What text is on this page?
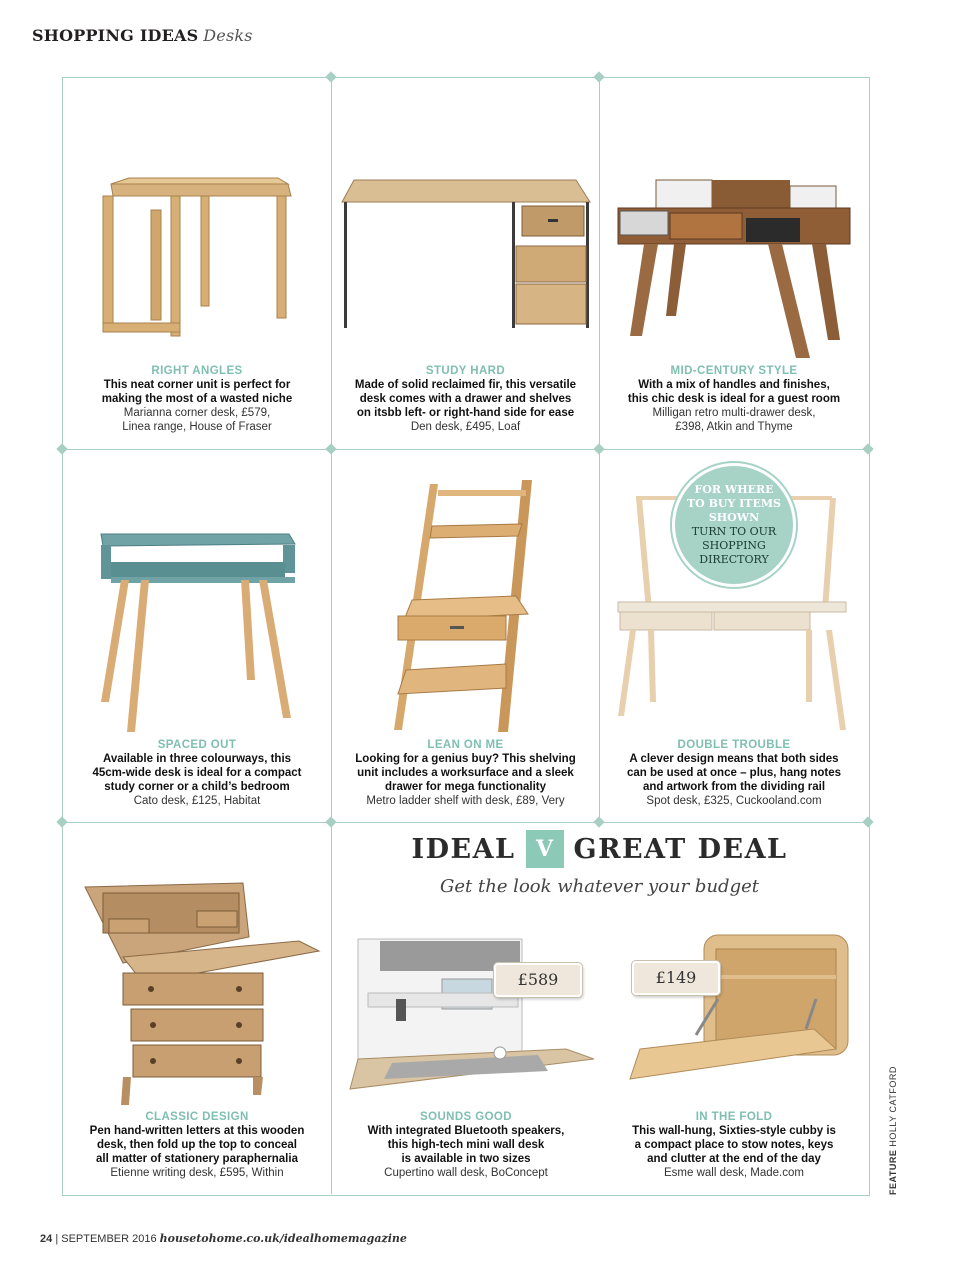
SHOPPING IDEAS Desks
RIGHT ANGLES
This neat corner unit is perfect for
making the most of a wasted niche
Marianna corner desk, £579,
Linea range, House of Fraser
STUDY HARD
Made of solid reclaimed fir, this versatile
desk comes with a drawer and shelves
on itsbb left- or right-hand side for ease
Den desk, £495, Loaf
MID-CENTURY STYLE
With a mix of handles and finishes,
this chic desk is ideal for a guest room
Milligan retro multi-drawer desk,
£398, Atkin and Thyme
SPACED OUT
Available in three colourways, this
45cm-wide desk is ideal for a compact
study corner or a child’s bedroom
Cato desk, £125, Habitat
LEAN ON ME
Looking for a genius buy? This shelving
unit includes a worksurface and a sleek
drawer for mega functionality
Metro ladder shelf with desk, £89, Very
DOUBLE TROUBLE
A clever design means that both sides
can be used at once – plus, hang notes
and artwork from the dividing rail
Spot desk, £325, Cuckooland.com
FOR WHERE
TO BUY ITEMS
SHOWN
TURN TO OUR
SHOPPING
DIRECTORY
CLASSIC DESIGN
Pen hand-written letters at this wooden
desk, then fold up the top to conceal
all matter of stationery paraphernalia
Etienne writing desk, £595, Within
IDEAL V GREAT DEAL
Get the look whatever your budget
£589
SOUNDS GOOD
With integrated Bluetooth speakers,
this high-tech mini wall desk
is available in two sizes
Cupertino wall desk, BoConcept
£149
IN THE FOLD
This wall-hung, Sixties-style cubby is
a compact place to stow notes, keys
and clutter at the end of the day
Esme wall desk, Made.com	FEATURE HOLLY CATFORD
24 | SEPTEMBER 2016 housetohome.co.uk/idealhomemagazine
